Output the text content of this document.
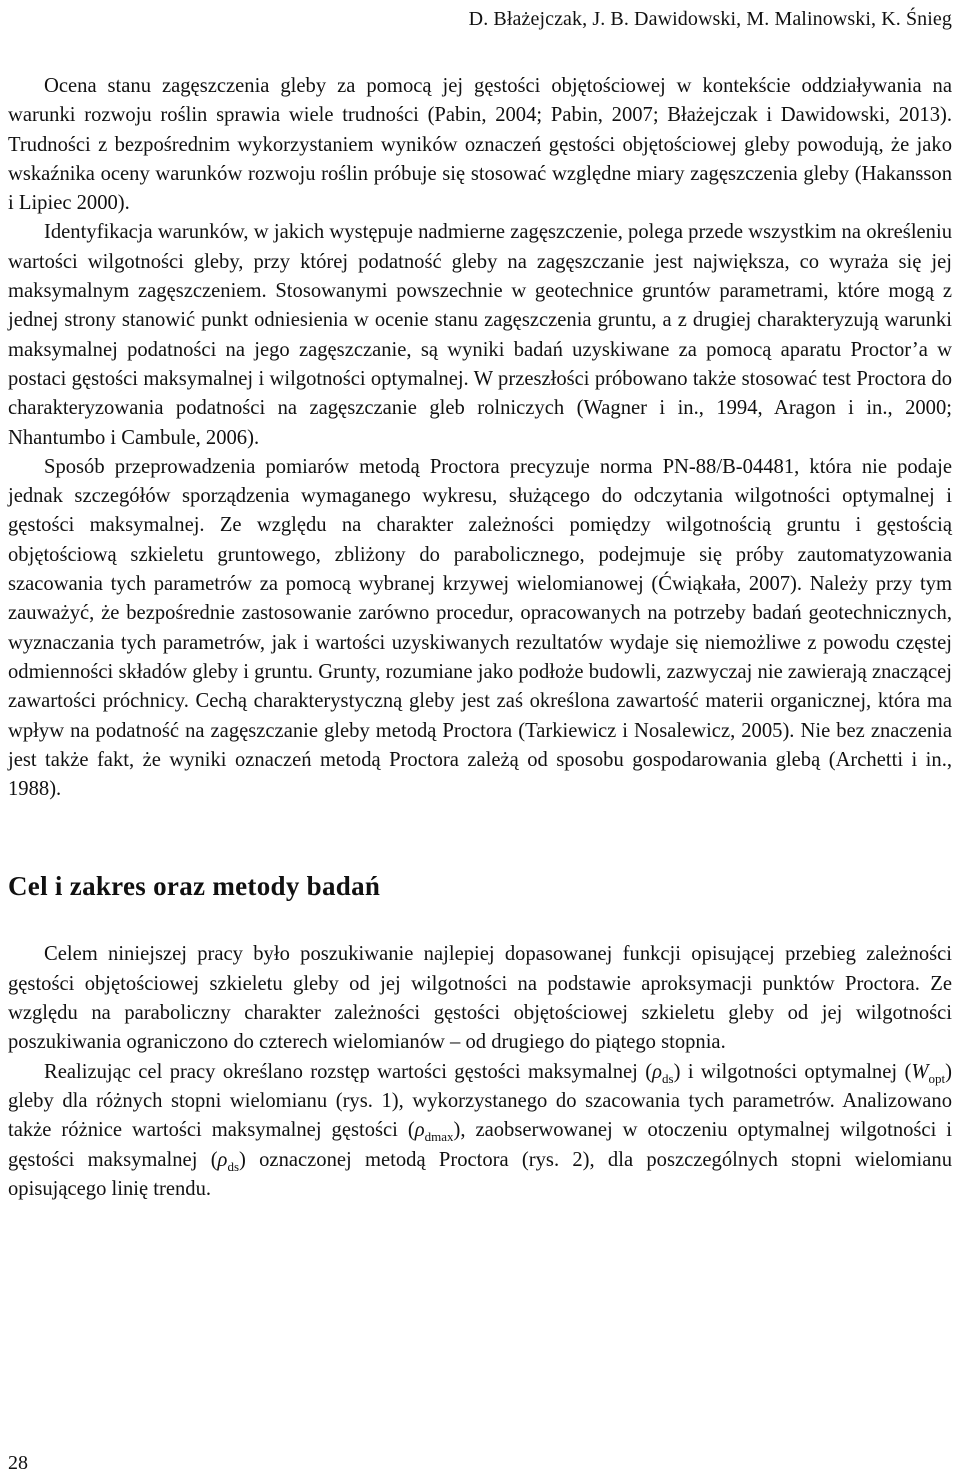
D. Błażejczak, J. B. Dawidowski, M. Malinowski, K. Śnieg

Ocena stanu zagęszczenia gleby za pomocą jej gęstości objętościowej w kontekście oddziaływania na warunki rozwoju roślin sprawia wiele trudności (Pabin, 2004; Pabin, 2007; Błażejczak i Dawidowski, 2013). Trudności z bezpośrednim wykorzystaniem wyników oznaczeń gęstości objętościowej gleby powodują, że jako wskaźnika oceny warunków rozwoju roślin próbuje się stosować względne miary zagęszczenia gleby (Hakansson i Lipiec 2000).

Identyfikacja warunków, w jakich występuje nadmierne zagęszczenie, polega przede wszystkim na określeniu wartości wilgotności gleby, przy której podatność gleby na zagęszczanie jest największa, co wyraża się jej maksymalnym zagęszczeniem. Stosowanymi powszechnie w geotechnice gruntów parametrami, które mogą z jednej strony stanowić punkt odniesienia w ocenie stanu zagęszczenia gruntu, a z drugiej charakteryzują warunki maksymalnej podatności na jego zagęszczanie, są wyniki badań uzyskiwane za pomocą aparatu Proctor’a w postaci gęstości maksymalnej i wilgotności optymalnej. W przeszłości próbowano także stosować test Proctora do charakteryzowania podatności na zagęszczanie gleb rolniczych (Wagner i in., 1994, Aragon i in., 2000; Nhantumbo i Cambule, 2006).

Sposób przeprowadzenia pomiarów metodą Proctora precyzuje norma PN-88/B-04481, która nie podaje jednak szczegółów sporządzenia wymaganego wykresu, służącego do odczytania wilgotności optymalnej i gęstości maksymalnej. Ze względu na charakter zależności pomiędzy wilgotnością gruntu i gęstością objętościową szkieletu gruntowego, zbliżony do parabolicznego, podejmuje się próby zautomatyzowania szacowania tych parametrów za pomocą wybranej krzywej wielomianowej (Ćwiąkała, 2007). Należy przy tym zauważyć, że bezpośrednie zastosowanie zarówno procedur, opracowanych na potrzeby badań geotechnicznych, wyznaczania tych parametrów, jak i wartości uzyskiwanych rezultatów wydaje się niemożliwe z powodu częstej odmienności składów gleby i gruntu. Grunty, rozumiane jako podłoże budowli, zazwyczaj nie zawierają znaczącej zawartości próchnicy. Cechą charakterystyczną gleby jest zaś określona zawartość materii organicznej, która ma wpływ na podatność na zagęszczanie gleby metodą Proctora (Tarkiewicz i Nosalewicz, 2005). Nie bez znaczenia jest także fakt, że wyniki oznaczeń metodą Proctora zależą od sposobu gospodarowania glebą (Archetti i in., 1988).

Cel i zakres oraz metody badań

Celem niniejszej pracy było poszukiwanie najlepiej dopasowanej funkcji opisującej przebieg zależności gęstości objętościowej szkieletu gleby od jej wilgotności na podstawie aproksymacji punktów Proctora. Ze względu na paraboliczny charakter zależności gęstości objętościowej szkieletu gleby od jej wilgotności poszukiwania ograniczono do czterech wielomianów – od drugiego do piątego stopnia.

Realizując cel pracy określano rozstęp wartości gęstości maksymalnej $(\rho_{ds})$ i wilgotności optymalnej $(W_{opt})$ gleby dla różnych stopni wielomianu (rys. 1), wykorzystanego do szacowania tych parametrów. Analizowano także różnice wartości maksymalnej gęstości $(\rho_{dmax})$, zaobserwowanej w otoczeniu optymalnej wilgotności i gęstości maksymalnej $(\rho_{ds})$ oznaczonej metodą Proctora (rys. 2), dla poszczególnych stopni wielomianu opisującego linię trendu.

28
